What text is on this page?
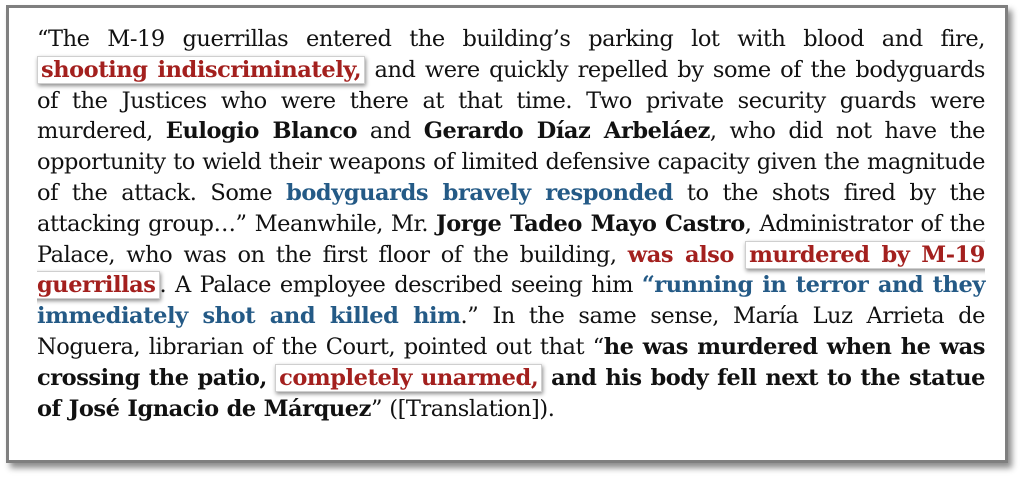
“The M-19 guerrillas entered the building’s parking lot with blood and fire, shooting indiscriminately, and were quickly repelled by some of the bodyguards of the Justices who were there at that time. Two private security guards were murdered, Eulogio Blanco and Gerardo Díaz Arbeláez, who did not have the opportunity to wield their weapons of limited defensive capacity given the magnitude of the attack. Some bodyguards bravely responded to the shots fired by the attacking group…” Meanwhile, Mr. Jorge Tadeo Mayo Castro, Administrator of the Palace, who was on the first floor of the building, was also murdered by M-19 guerrillas . A Palace employee described seeing him “running in terror and they immediately shot and killed him.” In the same sense, María Luz Arrieta de Noguera, librarian of the Court, pointed out that “he was murdered when he was crossing the patio, completely unarmed, and his body fell next to the statue of José Ignacio de Márquez” ([Translation]).
